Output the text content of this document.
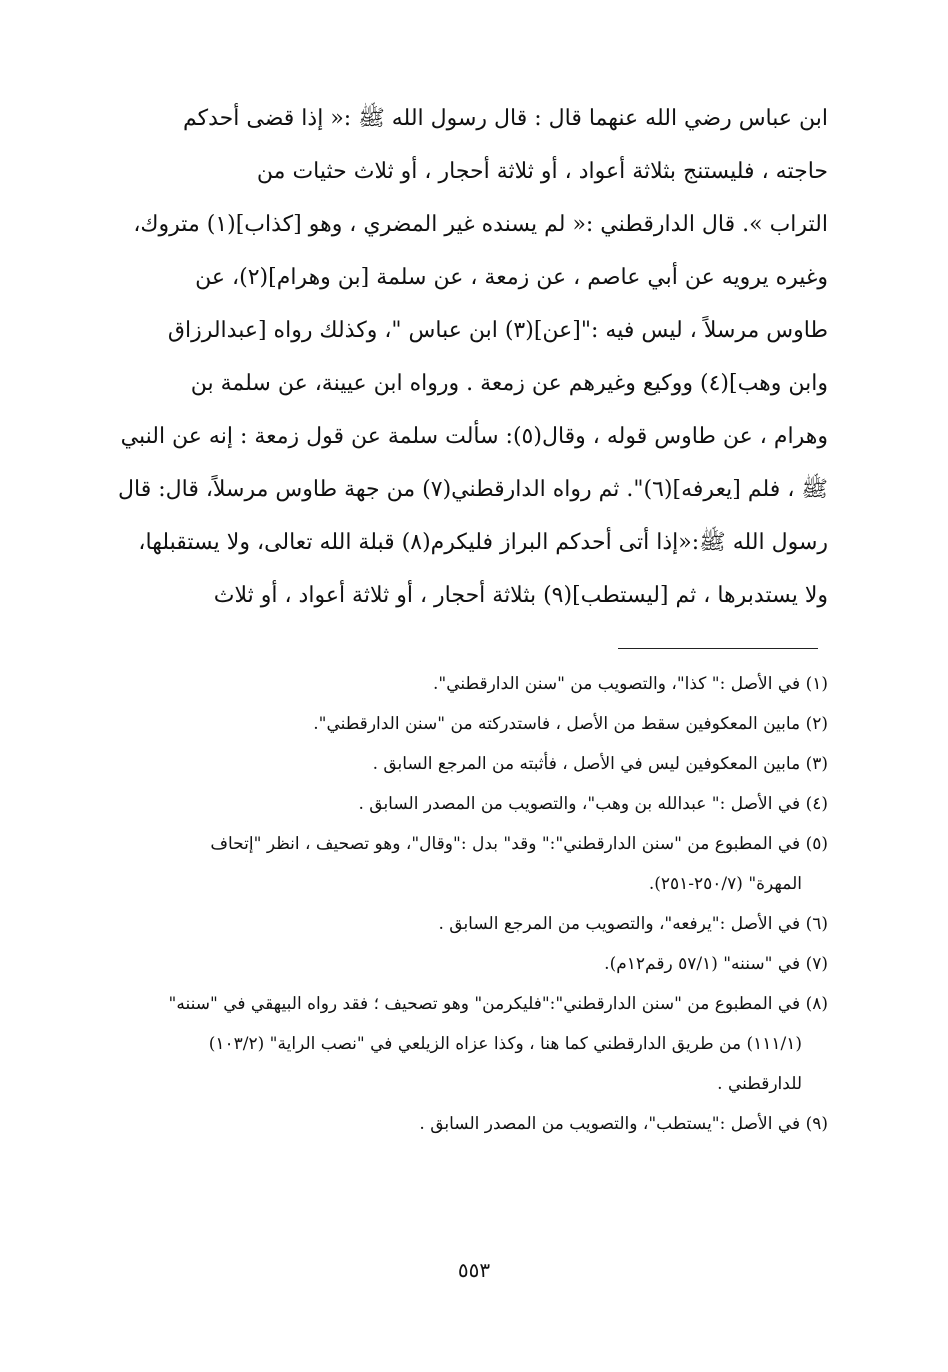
ابن عباس رضي الله عنهما قال : قال رسول الله ﷺ :« إذا قضى أحدكم
حاجته ، فليستنج بثلاثة أعواد ، أو ثلاثة أحجار ، أو ثلاث حثيات من
التراب ». قال الدارقطني :« لم يسنده غير المضري ، وهو [كذاب](١) متروك،
وغيره يرويه عن أبي عاصم ، عن زمعة ، عن سلمة [بن وهرام](٢)، عن
طاوس مرسلاً ، ليس فيه :"[عن](٣) ابن عباس "، وكذلك رواه [عبدالرزاق
وابن وهب](٤) ووكيع وغيرهم عن زمعة . ورواه ابن عيينة، عن سلمة بن
وهرام ، عن طاوس قوله ، وقال(٥): سألت سلمة عن قول زمعة : إنه عن النبي
ﷺ ، فلم [يعرفه](٦)". ثم رواه الدارقطني(٧) من جهة طاوس مرسلاً، قال: قال
رسول الله ﷺ:«إذا أتى أحدكم البراز فليكرم(٨) قبلة الله تعالى، ولا يستقبلها،
ولا يستدبرها ، ثم [ليستطب](٩) بثلاثة أحجار ، أو ثلاثة أعواد ، أو ثلاث
(١) في الأصل :" كذا"، والتصويب من "سنن الدارقطني".
(٢) مابين المعكوفين سقط من الأصل ، فاستدركته من "سنن الدارقطني".
(٣) مابين المعكوفين ليس في الأصل ، فأثبته من المرجع السابق .
(٤) في الأصل :" عبدالله بن وهب"، والتصويب من المصدر السابق .
(٥) في المطبوع من "سنن الدارقطني":" وقد" بدل :"وقال"، وهو تصحيف ، انظر "إتحاف
المهرة" (٢٥٠/٧-٢٥١).
(٦) في الأصل :"يرفعه"، والتصويب من المرجع السابق .
(٧) في "سننه" (٥٧/١ رقم١٢م).
(٨) في المطبوع من "سنن الدارقطني":"فليكرمن" وهو تصحيف ؛ فقد رواه البيهقي في "سننه"
(١١١/١) من طريق الدارقطني كما هنا ، وكذا عزاه الزيلعي في "نصب الراية" (١٠٣/٢)
للدارقطني .
(٩) في الأصل :"يستطب"، والتصويب من المصدر السابق .
٥٥٣
